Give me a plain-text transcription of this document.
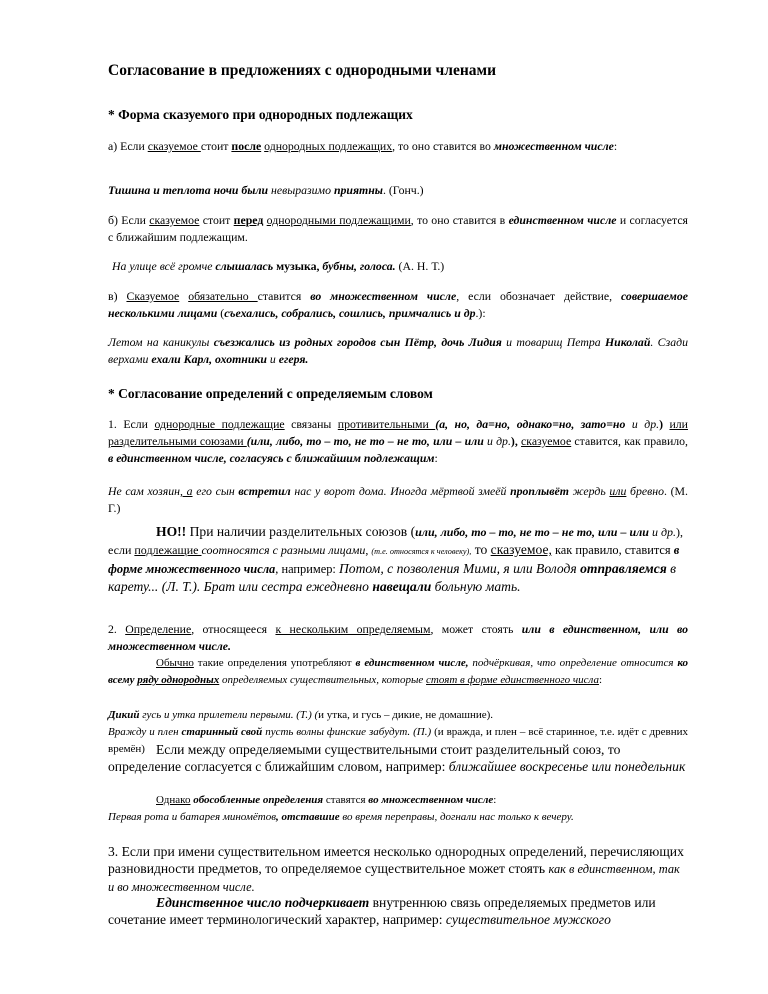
Согласование в предложениях с однородными членами
* Форма сказуемого при однородных подлежащих

а) Если сказуемое стоит после однородных подлежащих, то оно ставится во множественном числе:

Тишина и теплота ночи были невыразимо приятны. (Гонч.)

б) Если сказуемое стоит перед однородными подлежащими, то оно ставится в единственном числе и согласуется с ближайшим подлежащим.

На улице всё громче слышалась музыка, бубны, голоса. (А. Н. Т.)

в) Сказуемое обязательно ставится во множественном числе, если обозначает действие, совершаемое несколькими лицами (съехались, собрались, сошлись, примчались и др.):

Летом на каникулы съезжались из родных городов сын Пётр, дочь Лидия и товарищ Петра Николай. Сзади верхами ехали Карл, охотники и егеря.

* Согласование определений с определяемым словом

1. Если однородные подлежащие связаны противительными (а, но, да=но, однако=но, зато=но и др.) или разделительными союзами (или, либо, то – то, не то – не то, или – или и др.), сказуемое ставится, как правило, в единственном числе, согласуясь с ближайшим подлежащим:

Не сам хозяин, а его сын встретил нас у ворот дома. Иногда мёртвой змеёй проплывёт жердь или бревно. (М. Г.)

НО!! При наличии разделительных союзов (или, либо, то – то, не то – не то, или – или и др.), если подлежащие соотносятся с разными лицами, (т.е. относятся к человеку), то сказуемое, как правило, ставится в форме множественного числа, например: Потом, с позволения Мими, я или Володя отправляемся в карету... (Л. Т.). Брат или сестра ежедневно навещали больную мать.

2. Определение, относящееся к нескольким определяемым, может стоять или в единственном, или во множественном числе.

Обычно такие определения употребляют в единственном числе, подчёркивая, что определение относится ко всему ряду однородных определяемых существительных, которые стоят в форме единственного числа:

Дикий гусь и утка прилетели первыми. (Т.) (и утка, и гусь – дикие, не домашние).

Вражду и плен старинный свой пусть волны финские забудут. (П.) (и вражда, и плен – всё старинное, т.е. идёт с древних времён) Если между определяемыми существительными стоит разделительный союз, то определение согласуется с ближайшим словом, например: ближайшее воскресенье или понедельник

Однако обособленные определения ставятся во множественном числе:

Первая рота и батарея миномётов, отставшие во время переправы, догнали нас только к вечеру.

3. Если при имени существительном имеется несколько однородных определений, перечисляющих разновидности предметов, то определяемое существительное может стоять как в единственном, так и во множественном числе.

Единственное число подчеркивает внутреннюю связь определяемых предметов или сочетание имеет терминологический характер, например: существительное мужского
